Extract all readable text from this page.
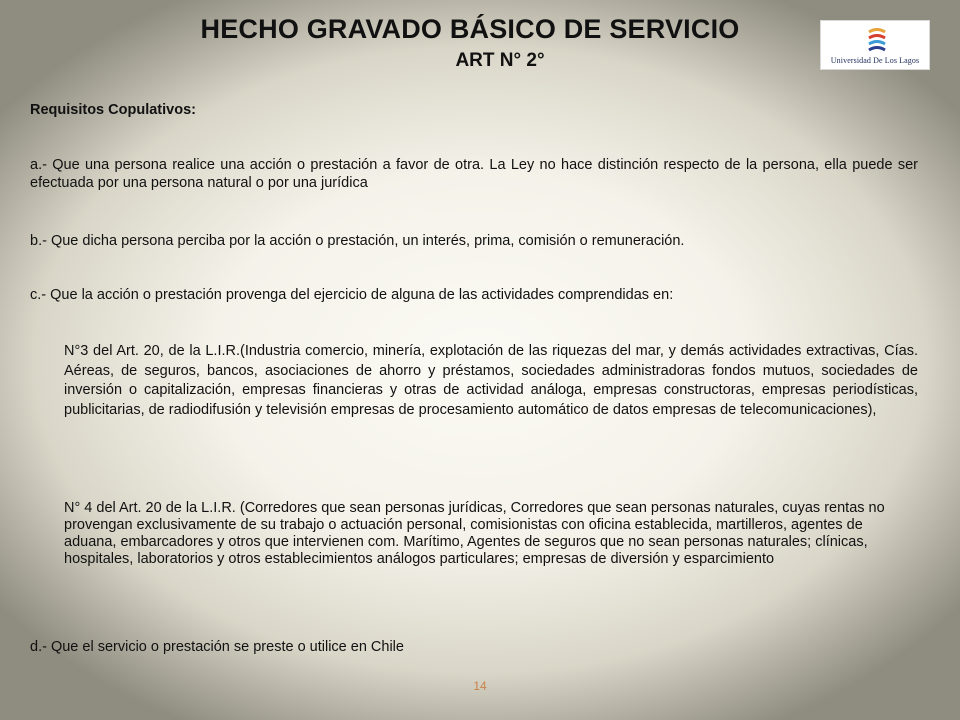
HECHO GRAVADO BÁSICO DE SERVICIO
ART N° 2°	Universidad De Los Lagos

Requisitos Copulativos:

a.- Que una persona realice una acción o prestación a favor de otra. La Ley no hace distinción respecto de la persona, ella puede ser efectuada por una persona natural o por una jurídica

b.- Que dicha persona perciba por la acción o prestación, un interés, prima, comisión o remuneración.

c.- Que la acción o prestación provenga del ejercicio de alguna de las actividades comprendidas en:

N°3 del Art. 20, de la L.I.R.(Industria comercio, minería, explotación de las riquezas del mar, y demás actividades extractivas, Cías. Aéreas, de seguros, bancos, asociaciones de ahorro y préstamos, sociedades administradoras fondos mutuos, sociedades de inversión o capitalización, empresas financieras y otras de actividad análoga, empresas constructoras, empresas periodísticas, publicitarias, de radiodifusión y televisión empresas de procesamiento automático de datos empresas de telecomunicaciones),

N° 4 del Art. 20 de la L.I.R. (Corredores que sean personas jurídicas, Corredores que sean personas naturales, cuyas rentas no provengan exclusivamente de su trabajo o actuación personal, comisionistas con oficina establecida, martilleros, agentes de aduana, embarcadores y otros que intervienen com. Marítimo, Agentes de seguros que no sean personas naturales; clínicas, hospitales, laboratorios y otros establecimientos análogos particulares; empresas de diversión y esparcimiento

d.- Que el servicio o prestación se preste o utilice en Chile

14
